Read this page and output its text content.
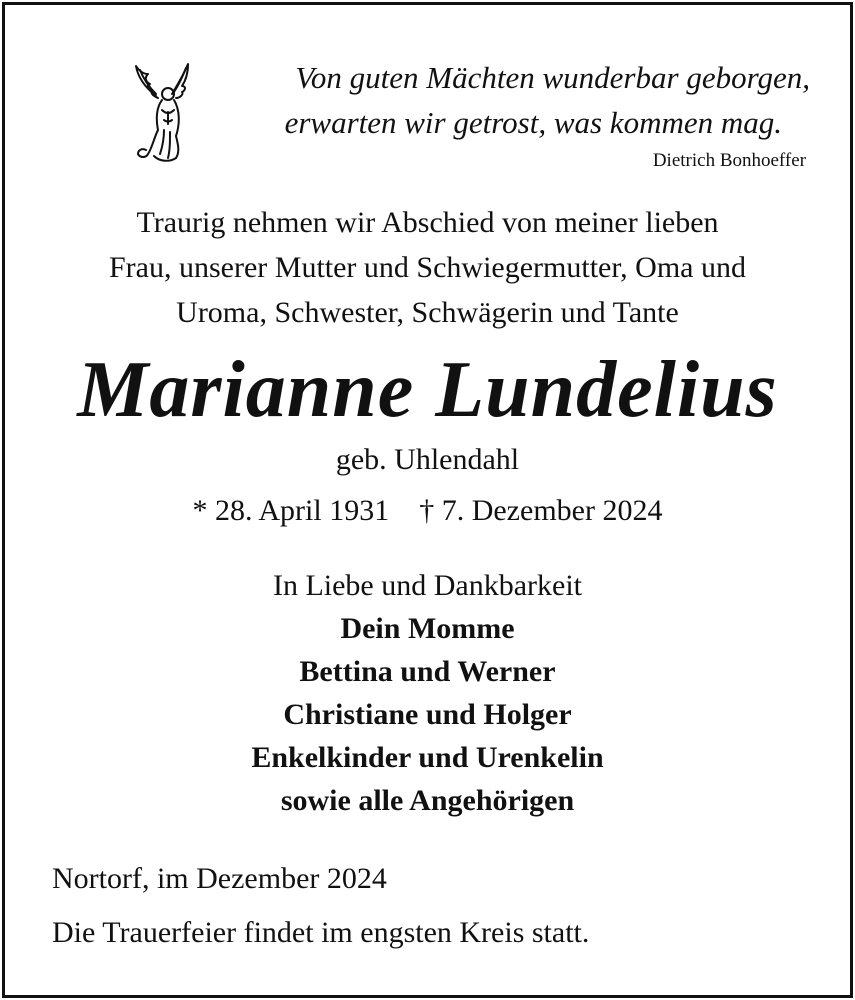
Von guten Mächten wunderbar geborgen,
erwarten wir getrost, was kommen mag.
Dietrich Bonhoeffer
Traurig nehmen wir Abschied von meiner lieben
Frau, unserer Mutter und Schwiegermutter, Oma und
Uroma, Schwester, Schwägerin und Tante
Marianne Lundelius
geb. Uhlendahl
* 28. April 1931 † 7. Dezember 2024
In Liebe und Dankbarkeit
Dein Momme
Bettina und Werner
Christiane und Holger
Enkelkinder und Urenkelin
sowie alle Angehörigen
Nortorf, im Dezember 2024
Die Trauerfeier findet im engsten Kreis statt.
